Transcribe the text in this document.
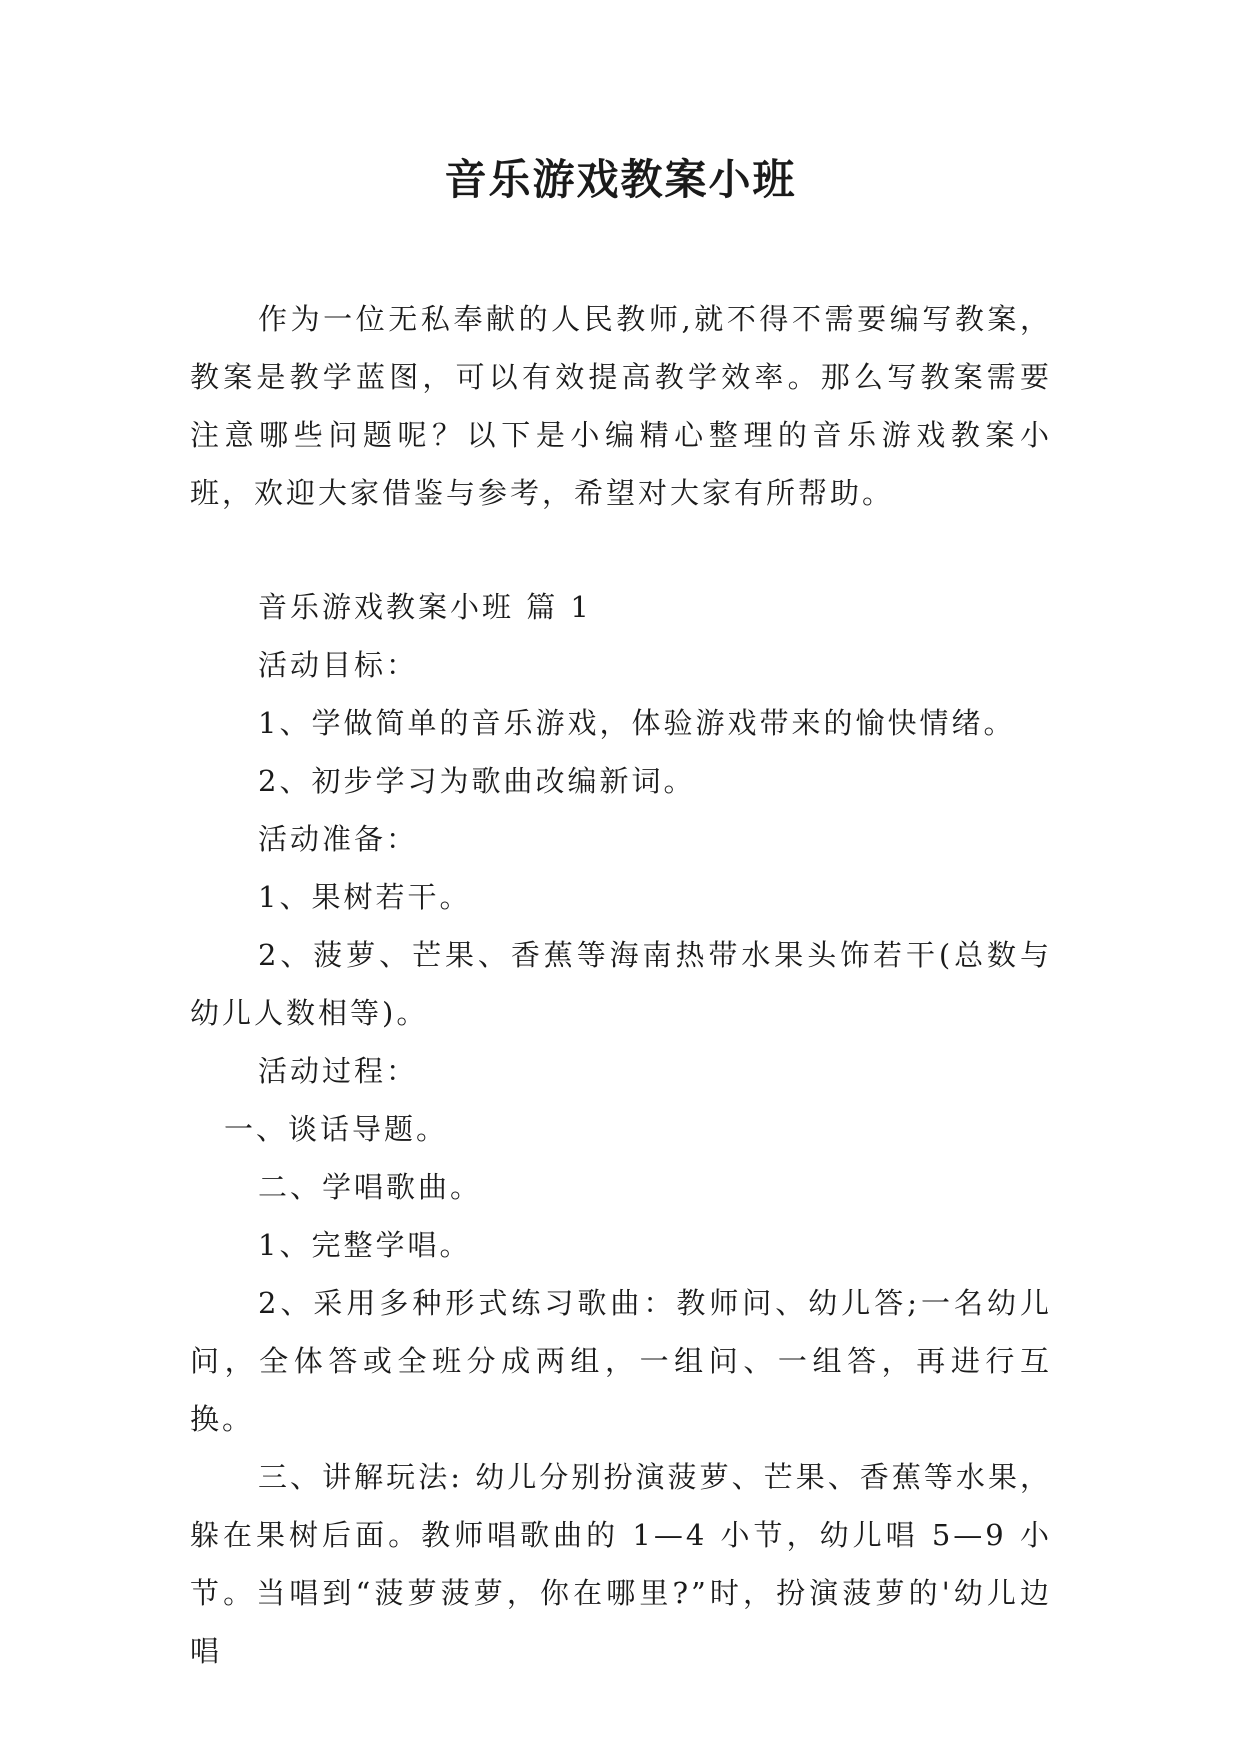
音乐游戏教案小班

作为一位无私奉献的人民教师,就不得不需要编写教案，教案是教学蓝图，可以有效提高教学效率。那么写教案需要注意哪些问题呢？以下是小编精心整理的音乐游戏教案小班，欢迎大家借鉴与参考，希望对大家有所帮助。

音乐游戏教案小班 篇 1

活动目标：

1、学做简单的音乐游戏，体验游戏带来的愉快情绪。

2、初步学习为歌曲改编新词。

活动准备：

1、果树若干。

2、菠萝、芒果、香蕉等海南热带水果头饰若干(总数与幼儿人数相等)。

活动过程：

一、谈话导题。

二、学唱歌曲。

1、完整学唱。

2、采用多种形式练习歌曲：教师问、幼儿答;一名幼儿问，全体答或全班分成两组，一组问、一组答，再进行互换。

三、讲解玩法: 幼儿分别扮演菠萝、芒果、香蕉等水果，躲在果树后面。教师唱歌曲的 1—4 小节，幼儿唱 5—9 小节。当唱到“菠萝菠萝，你在哪里?”时，扮演菠萝的'幼儿边唱
